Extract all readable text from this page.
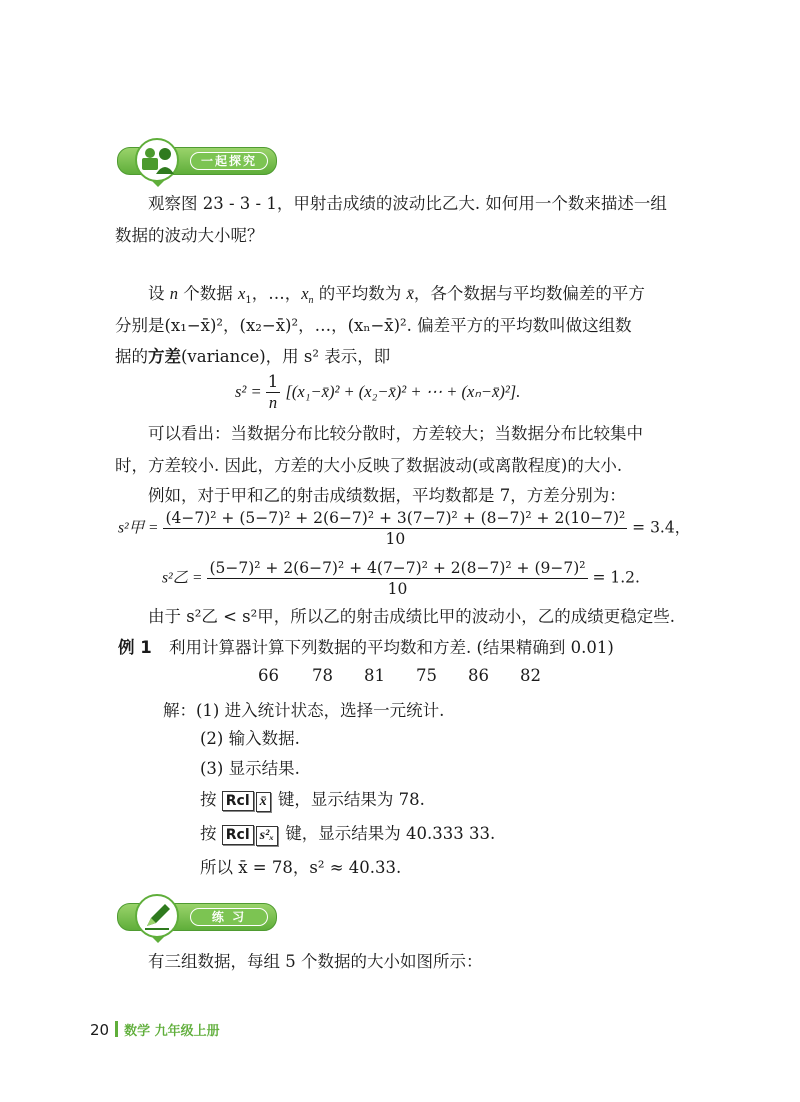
一起探究
观察图 23 - 3 - 1，甲射击成绩的波动比乙大. 如何用一个数来描述一组
数据的波动大小呢？
设 n 个数据 $x_1$，…，$x_n$ 的平均数为 x̄，各个数据与平均数偏差的平方
分别是(x₁−x̄)²，(x₂−x̄)²，…，(xₙ−x̄)². 偏差平方的平均数叫做这组数
据的方差(variance)，用 s² 表示，即
$s^2 = \frac{1}{n}$ [(x₁−x̄)² + (x₂−x̄)² + ⋯ + (xₙ−x̄)²].
可以看出：当数据分布比较分散时，方差较大；当数据分布比较集中
时，方差较小. 因此，方差的大小反映了数据波动(或离散程度)的大小.
例如，对于甲和乙的射击成绩数据，平均数都是 7，方差分别为：
s²甲 = $\frac{\text{(4−7)² + (5−7)² + 2(6−7)² + 3(7−7)² + (8−7)² + 2(10−7)²}}{10} = 3.4$，
s²乙 = $\frac{\text{(5−7)² + 2(6−7)² + 4(7−7)² + 2(8−7)² + (9−7)²}}{10} = 1.2$.
由于 s²乙 < s²甲，所以乙的射击成绩比甲的波动小，乙的成绩更稳定些.
例 1 利用计算器计算下列数据的平均数和方差. (结果精确到 0.01)
66 78 81 75 86 82
解：(1) 进入统计状态，选择一元统计.
(2) 输入数据.
(3) 显示结果.
按 Rcl x̄ 键，显示结果为 78.
按 Rcl s²ₓ 键，显示结果为 40.333 33.
所以 x̄ = 78，s² ≈ 40.33.
练 习
有三组数据，每组 5 个数据的大小如图所示：
20 数学 九年级上册
